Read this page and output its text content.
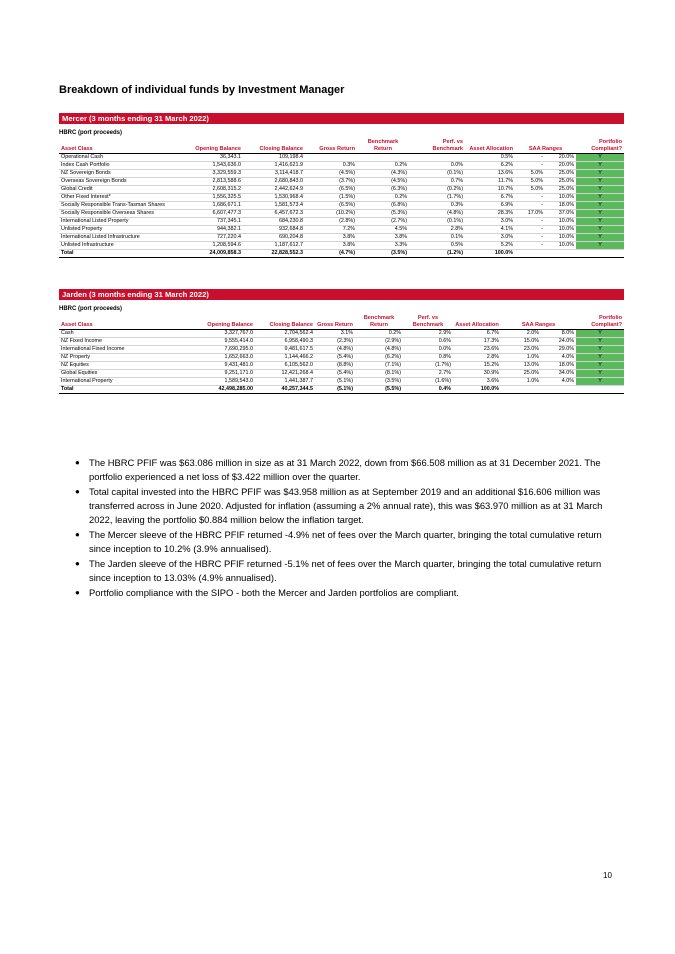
Breakdown of individual funds by Investment Manager
Mercer (3 months ending 31 March 2022)
HBRC (port proceeds)
Asset Class	Opening Balance	Closing Balance	Gross Return	Benchmark Return	Perf. vs Benchmark	Asset Allocation	SAA Ranges		Portfolio Compliant?
Operational Cash	36,343.1	109,198.4				0.5%	-	20.0%	Y
Index Cash Portfolio	1,543,636.0	1,416,621.9	0.3%	0.2%	0.0%	6.2%	-	20.0%	Y
NZ Sovereign Bonds	3,329,559.3	3,114,418.7	(4.5%)	(4.3%)	(0.1%)	13.6%	5.0%	25.0%	Y
Overseas Sovereign Bonds	2,813,588.6	2,680,843.0	(3.7%)	(4.5%)	0.7%	11.7%	5.0%	25.0%	Y
Global Credit	2,608,315.2	2,442,624.9	(6.5%)	(6.3%)	(0.2%)	10.7%	5.0%	25.0%	Y
Other Fixed Interest*	1,556,325.5	1,530,968.4	(1.5%)	0.2%	(1.7%)	6.7%	-	10.0%	Y
Socially Responsible Trans-Tasman Shares	1,686,671.1	1,581,573.4	(6.5%)	(6.8%)	0.3%	6.9%	-	18.0%	Y
Socially Responsible Overseas Shares	6,607,477.3	6,457,672.3	(10.2%)	(5.3%)	(4.8%)	28.3%	17.0%	37.0%	Y
International Listed Property	737,345.1	684,230.8	(2.8%)	(2.7%)	(0.1%)	3.0%	-	10.0%	Y
Unlisted Property	944,382.1	932,684.8	7.2%	4.5%	2.8%	4.1%	-	10.0%	Y
International Listed Infrastructure	727,220.4	690,204.8	3.8%	3.8%	0.1%	3.0%	-	10.0%	Y
Unlisted Infrastructure	1,208,594.6	1,187,612.7	3.8%	3.3%	0.5%	5.2%	-	10.0%	Y
Total	24,009,858.3	22,828,552.3	(4.7%)	(3.5%)	(1.2%)	100.0%			
Jarden (3 months ending 31 March 2022)
HBRC (port proceeds)
Asset Class	Opening Balance	Closing Balance	Gross Return	Benchmark Return	Perf. vs Benchmark	Asset Allocation	SAA Ranges		Portfolio Compliant?
Cash	3,327,767.0	2,704,562.4	3.1%	0.2%	2.9%	6.7%	2.0%	8.0%	Y
NZ Fixed Income	9,555,414.0	6,958,490.3	(2.3%)	(2.9%)	0.6%	17.3%	15.0%	24.0%	Y
International Fixed Income	7,690,295.0	9,481,617.5	(4.8%)	(4.8%)	0.0%	23.6%	23.0%	29.0%	Y
NZ Property	1,652,663.0	1,144,466.2	(5.4%)	(6.2%)	0.8%	2.8%	1.0%	4.0%	Y
NZ Equities	9,431,481.0	6,105,562.0	(8.8%)	(7.1%)	(1.7%)	15.2%	13.0%	18.0%	Y
Global Equities	9,251,171.0	12,421,268.4	(5.4%)	(8.1%)	2.7%	30.9%	25.0%	34.0%	Y
International Property	1,589,543.0	1,441,387.7	(5.1%)	(3.5%)	(1.6%)	3.6%	1.0%	4.0%	Y
Total	42,498,285.00	40,257,344.5	(5.1%)	(5.5%)	0.4%	100.0%			
● The HBRC PFIF was $63.086 million in size as at 31 March 2022, down from $66.508 million as at 31 December 2021. The portfolio experienced a net loss of $3.422 million over the quarter.
● Total capital invested into the HBRC PFIF was $43.958 million as at September 2019 and an additional $16.606 million was transferred across in June 2020. Adjusted for inflation (assuming a 2% annual rate), this was $63.970 million as at 31 March 2022, leaving the portfolio $0.884 million below the inflation target.
● The Mercer sleeve of the HBRC PFIF returned -4.9% net of fees over the March quarter, bringing the total cumulative return since inception to 10.2% (3.9% annualised).
● The Jarden sleeve of the HBRC PFIF returned -5.1% net of fees over the March quarter, bringing the total cumulative return since inception to 13.03% (4.9% annualised).
● Portfolio compliance with the SIPO - both the Mercer and Jarden portfolios are compliant.
10
